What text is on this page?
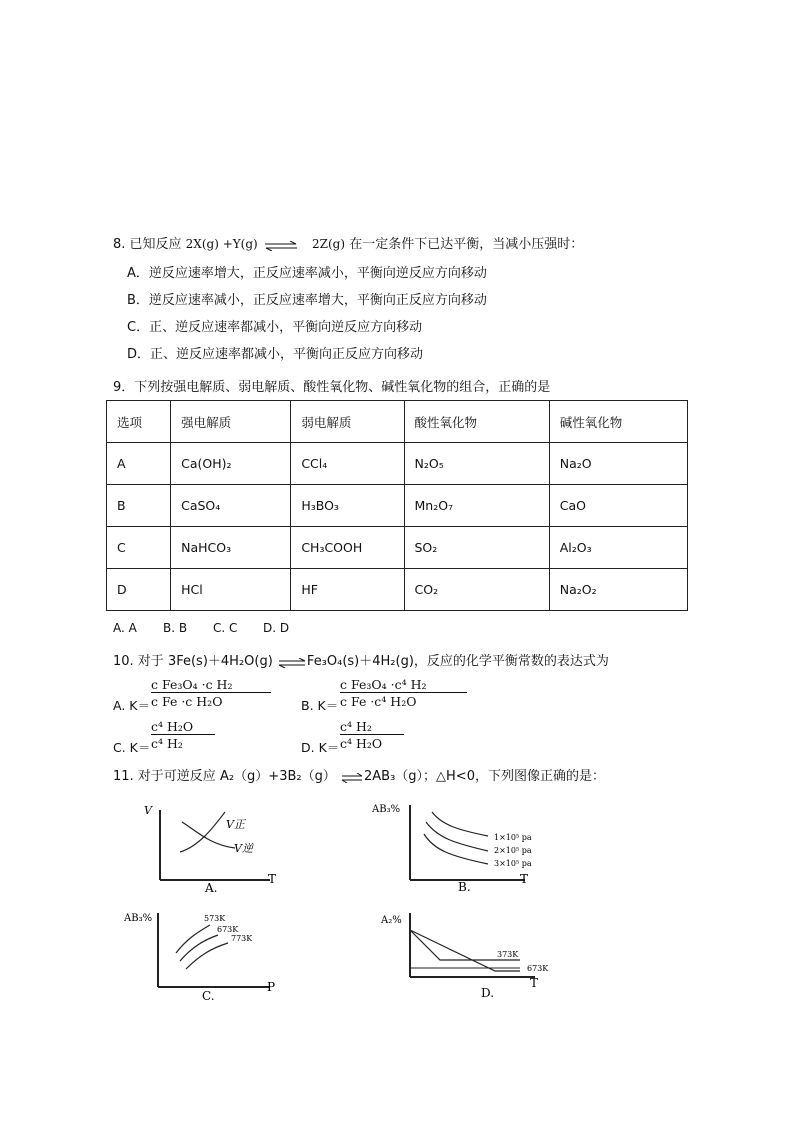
8. 已知反应 2X(g) +Y(g) ⇌ 2Z(g) 在一定条件下已达平衡，当减小压强时：
A．逆反应速率增大，正反应速率减小，平衡向逆反应方向移动
B．逆反应速率减小，正反应速率增大，平衡向正反应方向移动
C．正、逆反应速率都减小，平衡向逆反应方向移动
D．正、逆反应速率都减小，平衡向正反应方向移动
9．下列按强电解质、弱电解质、酸性氧化物、碱性氧化物的组合，正确的是
选项	强电解质	弱电解质	酸性氧化物	碱性氧化物
A	Ca(OH)₂	CCl₄	N₂O₅	Na₂O
B	CaSO₄	H₃BO₃	Mn₂O₇	CaO
C	NaHCO₃	CH₃COOH	SO₂	Al₂O₃
D	HCl	HF	CO₂	Na₂O₂
A. A B. B C. C D. D
10. 对于 3Fe(s)＋4H₂O(g) ⇌Fe₃O₄(s)＋4H₂(g)，反应的化学平衡常数的表达式为
A. K＝
c Fe₃O₄ ·c H₂
c Fe ·c H₂O	B. K＝
c Fe₃O₄ ·c⁴ H₂
c Fe ·c⁴ H₂O
C. K＝
c⁴ H₂O
c⁴ H₂	D. K＝
c⁴ H₂
c⁴ H₂O
11. 对于可逆反应 A₂（g）+3B₂（g） ⇌2AB₃（g）；△H<0，下列图像正确的是：
V
V正
V逆
T
A.
AB₃%
1×10⁵ pa
2×10⁵ pa
3×10⁵ pa
T
B.
AB₃%	573K
673K
773K
P
C.
A₂%
373K
673K
T
D.
